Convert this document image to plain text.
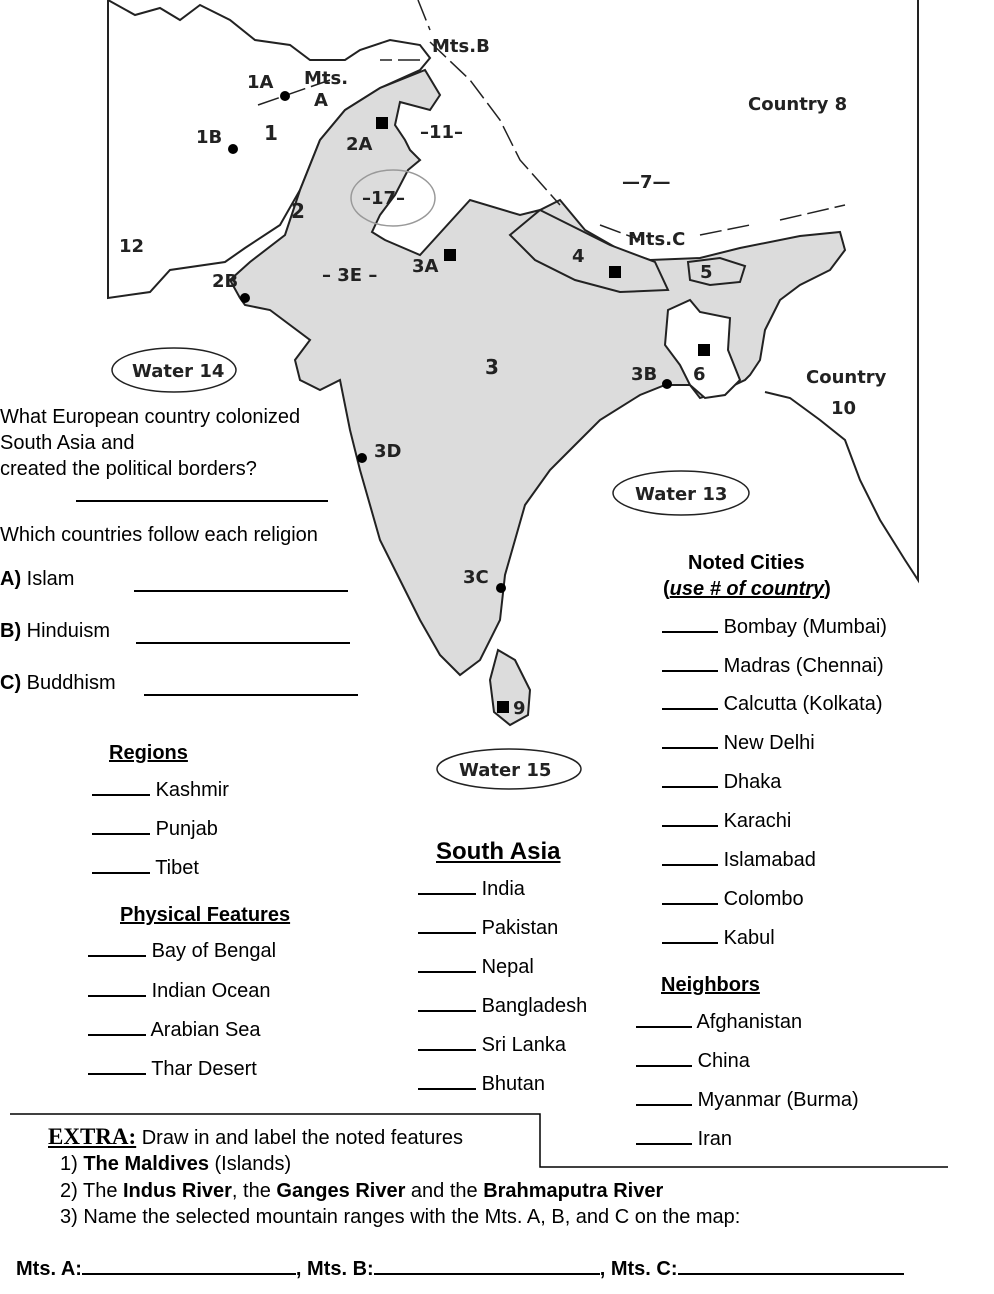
Mts.B
Mts.
A
1A
1B 1	2A
–11–
Country 8
—7—
2
–17–
12	Mts.C
4
5
2B	– 3E – 3A
Water 14	3	3B 6	Country
10
3D
Water 13
3C
9
Water 15
What European country colonized
South Asia and
created the political borders?
Which countries follow each religion
A) Islam
B) Hinduism
C) Buddhism
Regions
Kashmir
Punjab
Tibet
Physical Features
Bay of Bengal
Indian Ocean
Arabian Sea
Thar Desert
South Asia
India
Pakistan
Nepal
Bangladesh
Sri Lanka
Bhutan
Noted Cities
(use # of country)
Bombay (Mumbai)
Madras (Chennai)
Calcutta (Kolkata)
New Delhi
Dhaka
Karachi
Islamabad
Colombo
Kabul
Neighbors
Afghanistan
China
Myanmar (Burma)
Iran
EXTRA: Draw in and label the noted features
1) The Maldives (Islands)
2) The Indus River, the Ganges River and the Brahmaputra River
3) Name the selected mountain ranges with the Mts. A, B, and C on the map:
Mts. A:	, Mts. B:	, Mts. C:
